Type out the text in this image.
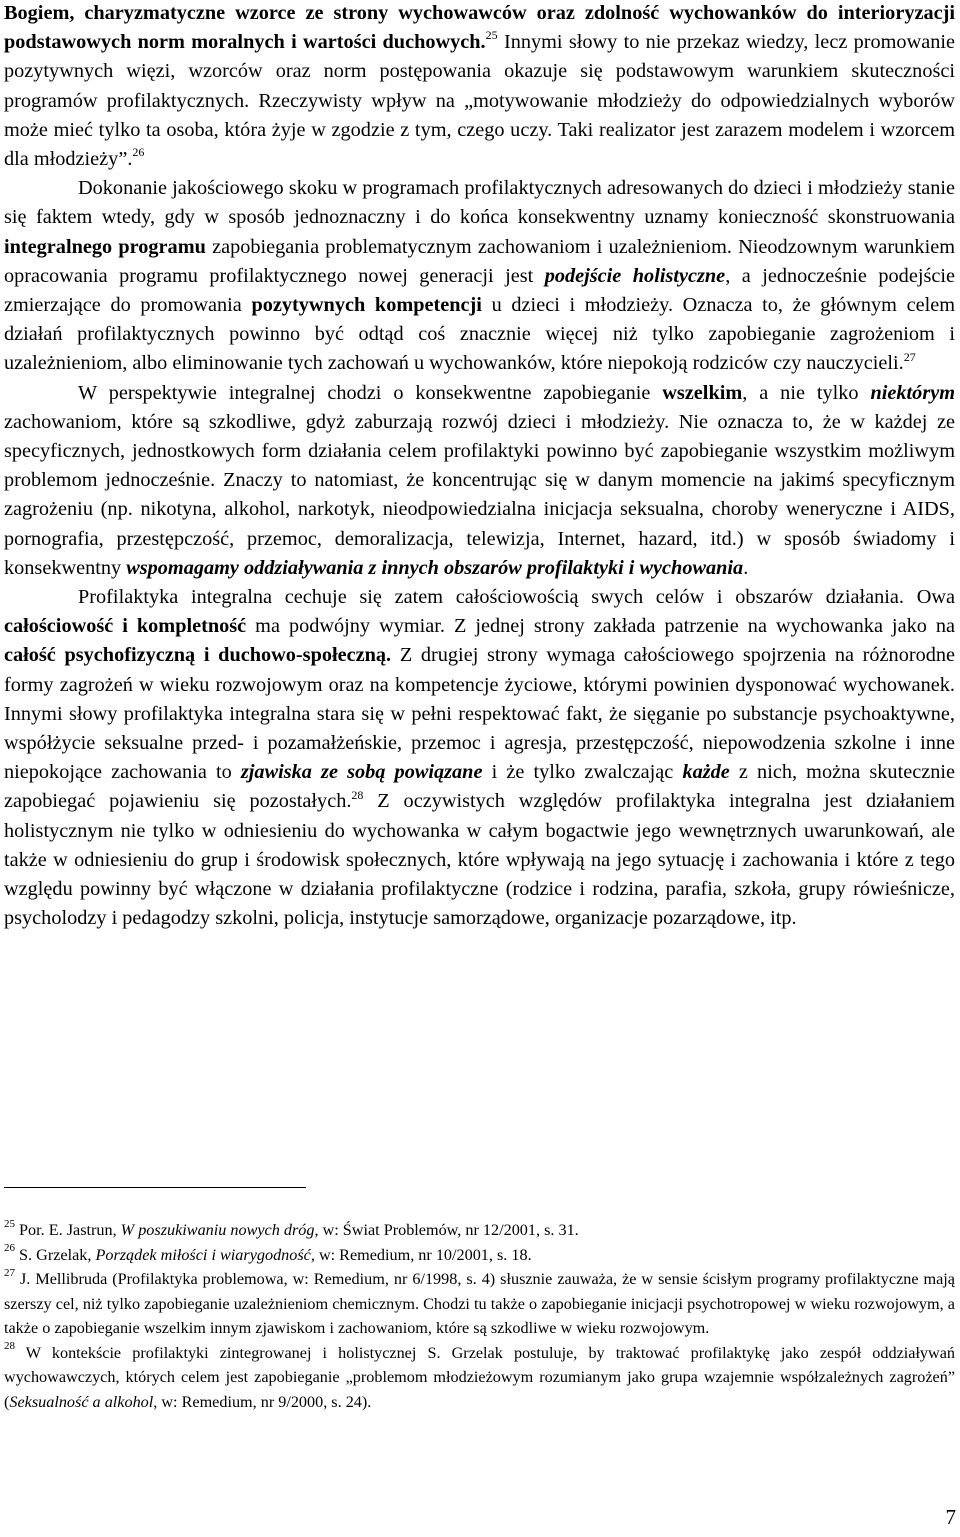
Bogiem, charyzmatyczne wzorce ze strony wychowawców oraz zdolność wychowanków do interioryzacji podstawowych norm moralnych i wartości duchowych.$^{25}$ Innymi słowy to nie przekaz wiedzy, lecz promowanie pozytywnych więzi, wzorców oraz norm postępowania okazuje się podstawowym warunkiem skuteczności programów profilaktycznych. Rzeczywisty wpływ na „motywowanie młodzieży do odpowiedzialnych wyborów może mieć tylko ta osoba, która żyje w zgodzie z tym, czego uczy. Taki realizator jest zarazem modelem i wzorcem dla młodzieży”.$^{26}$

Dokonanie jakościowego skoku w programach profilaktycznych adresowanych do dzieci i młodzieży stanie się faktem wtedy, gdy w sposób jednoznaczny i do końca konsekwentny uznamy konieczność skonstruowania integralnego programu zapobiegania problematycznym zachowaniom i uzależnieniom. Nieodzownym warunkiem opracowania programu profilaktycznego nowej generacji jest podejście holistyczne, a jednocześnie podejście zmierzające do promowania pozytywnych kompetencji u dzieci i młodzieży. Oznacza to, że głównym celem działań profilaktycznych powinno być odtąd coś znacznie więcej niż tylko zapobieganie zagrożeniom i uzależnieniom, albo eliminowanie tych zachowań u wychowanków, które niepokoją rodziców czy nauczycieli.$^{27}$

W perspektywie integralnej chodzi o konsekwentne zapobieganie wszelkim, a nie tylko niektórym zachowaniom, które są szkodliwe, gdyż zaburzają rozwój dzieci i młodzieży. Nie oznacza to, że w każdej ze specyficznych, jednostkowych form działania celem profilaktyki powinno być zapobieganie wszystkim możliwym problemom jednocześnie. Znaczy to natomiast, że koncentrując się w danym momencie na jakimś specyficznym zagrożeniu (np. nikotyna, alkohol, narkotyk, nieodpowiedzialna inicjacja seksualna, choroby weneryczne i AIDS, pornografia, przestępczość, przemoc, demoralizacja, telewizja, Internet, hazard, itd.) w sposób świadomy i konsekwentny wspomagamy oddziaływania z innych obszarów profilaktyki i wychowania.

Profilaktyka integralna cechuje się zatem całościowością swych celów i obszarów działania. Owa całościowość i kompletność ma podwójny wymiar. Z jednej strony zakłada patrzenie na wychowanka jako na całość psychofizyczną i duchowo-społeczną. Z drugiej strony wymaga całościowego spojrzenia na różnorodne formy zagrożeń w wieku rozwojowym oraz na kompetencje życiowe, którymi powinien dysponować wychowanek. Innymi słowy profilaktyka integralna stara się w pełni respektować fakt, że sięganie po substancje psychoaktywne, współżycie seksualne przed- i pozamałżeńskie, przemoc i agresja, przestępczość, niepowodzenia szkolne i inne niepokojące zachowania to zjawiska ze sobą powiązane i że tylko zwalczając każde z nich, można skutecznie zapobiegać pojawieniu się pozostałych.$^{28}$ Z oczywistych względów profilaktyka integralna jest działaniem holistycznym nie tylko w odniesieniu do wychowanka w całym bogactwie jego wewnętrznych uwarunkowań, ale także w odniesieniu do grup i środowisk społecznych, które wpływają na jego sytuację i zachowania i które z tego względu powinny być włączone w działania profilaktyczne (rodzice i rodzina, parafia, szkoła, grupy rówieśnicze, psycholodzy i pedagodzy szkolni, policja, instytucje samorządowe, organizacje pozarządowe, itp.

$^{25}$ Por. E. Jastrun, W poszukiwaniu nowych dróg, w: Świat Problemów, nr 12/2001, s. 31.

$^{26}$ S. Grzelak, Porządek miłości i wiarygodność, w: Remedium, nr 10/2001, s. 18.

$^{27}$ J. Mellibruda (Profilaktyka problemowa, w: Remedium, nr 6/1998, s. 4) słusznie zauważa, że w sensie ścisłym programy profilaktyczne mają szerszy cel, niż tylko zapobieganie uzależnieniom chemicznym. Chodzi tu także o zapobieganie inicjacji psychotropowej w wieku rozwojowym, a także o zapobieganie wszelkim innym zjawiskom i zachowaniom, które są szkodliwe w wieku rozwojowym.

$^{28}$ W kontekście profilaktyki zintegrowanej i holistycznej S. Grzelak postuluje, by traktować profilaktykę jako zespół oddziaływań wychowawczych, których celem jest zapobieganie „problemom młodzieżowym rozumianym jako grupa wzajemnie współzależnych zagrożeń” (Seksualność a alkohol, w: Remedium, nr 9/2000, s. 24).

7
